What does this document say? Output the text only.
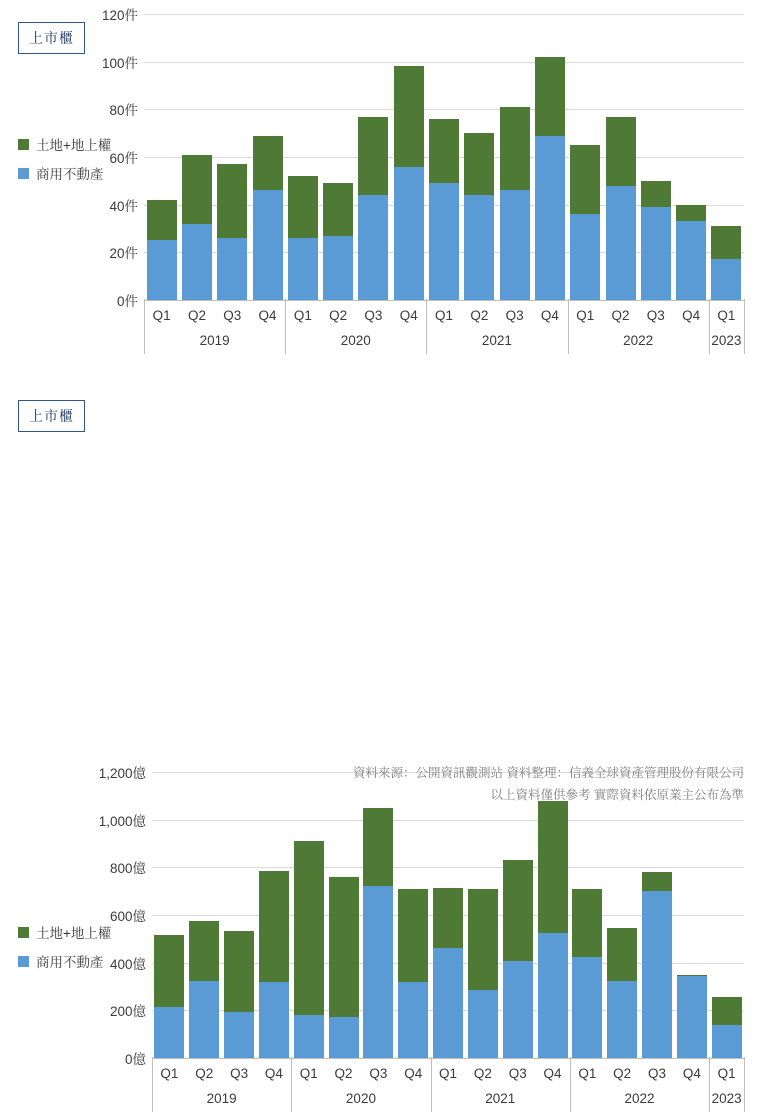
上市櫃
土地+地上權
商用不動產
0件
20件
40件
60件
80件
100件
120件
Q1	Q2	Q3	Q4	Q1	Q2	Q3	Q4	Q1	Q2	Q3	Q4	Q1	Q2	Q3	Q4	Q1
2019	2020	2021	2022	2023
上市櫃
土地+地上權
商用不動產
0億
200億
400億
600億
800億
1,000億
1,200億
Q1	Q2	Q3	Q4	Q1	Q2	Q3	Q4	Q1	Q2	Q3	Q4	Q1	Q2	Q3	Q4	Q1
2019	2020	2021	2022	2023
資料來源：公開資訊觀測站 資料整理：信義全球資產管理股份有限公司
以上資料僅供參考 實際資料依原業主公布為準
